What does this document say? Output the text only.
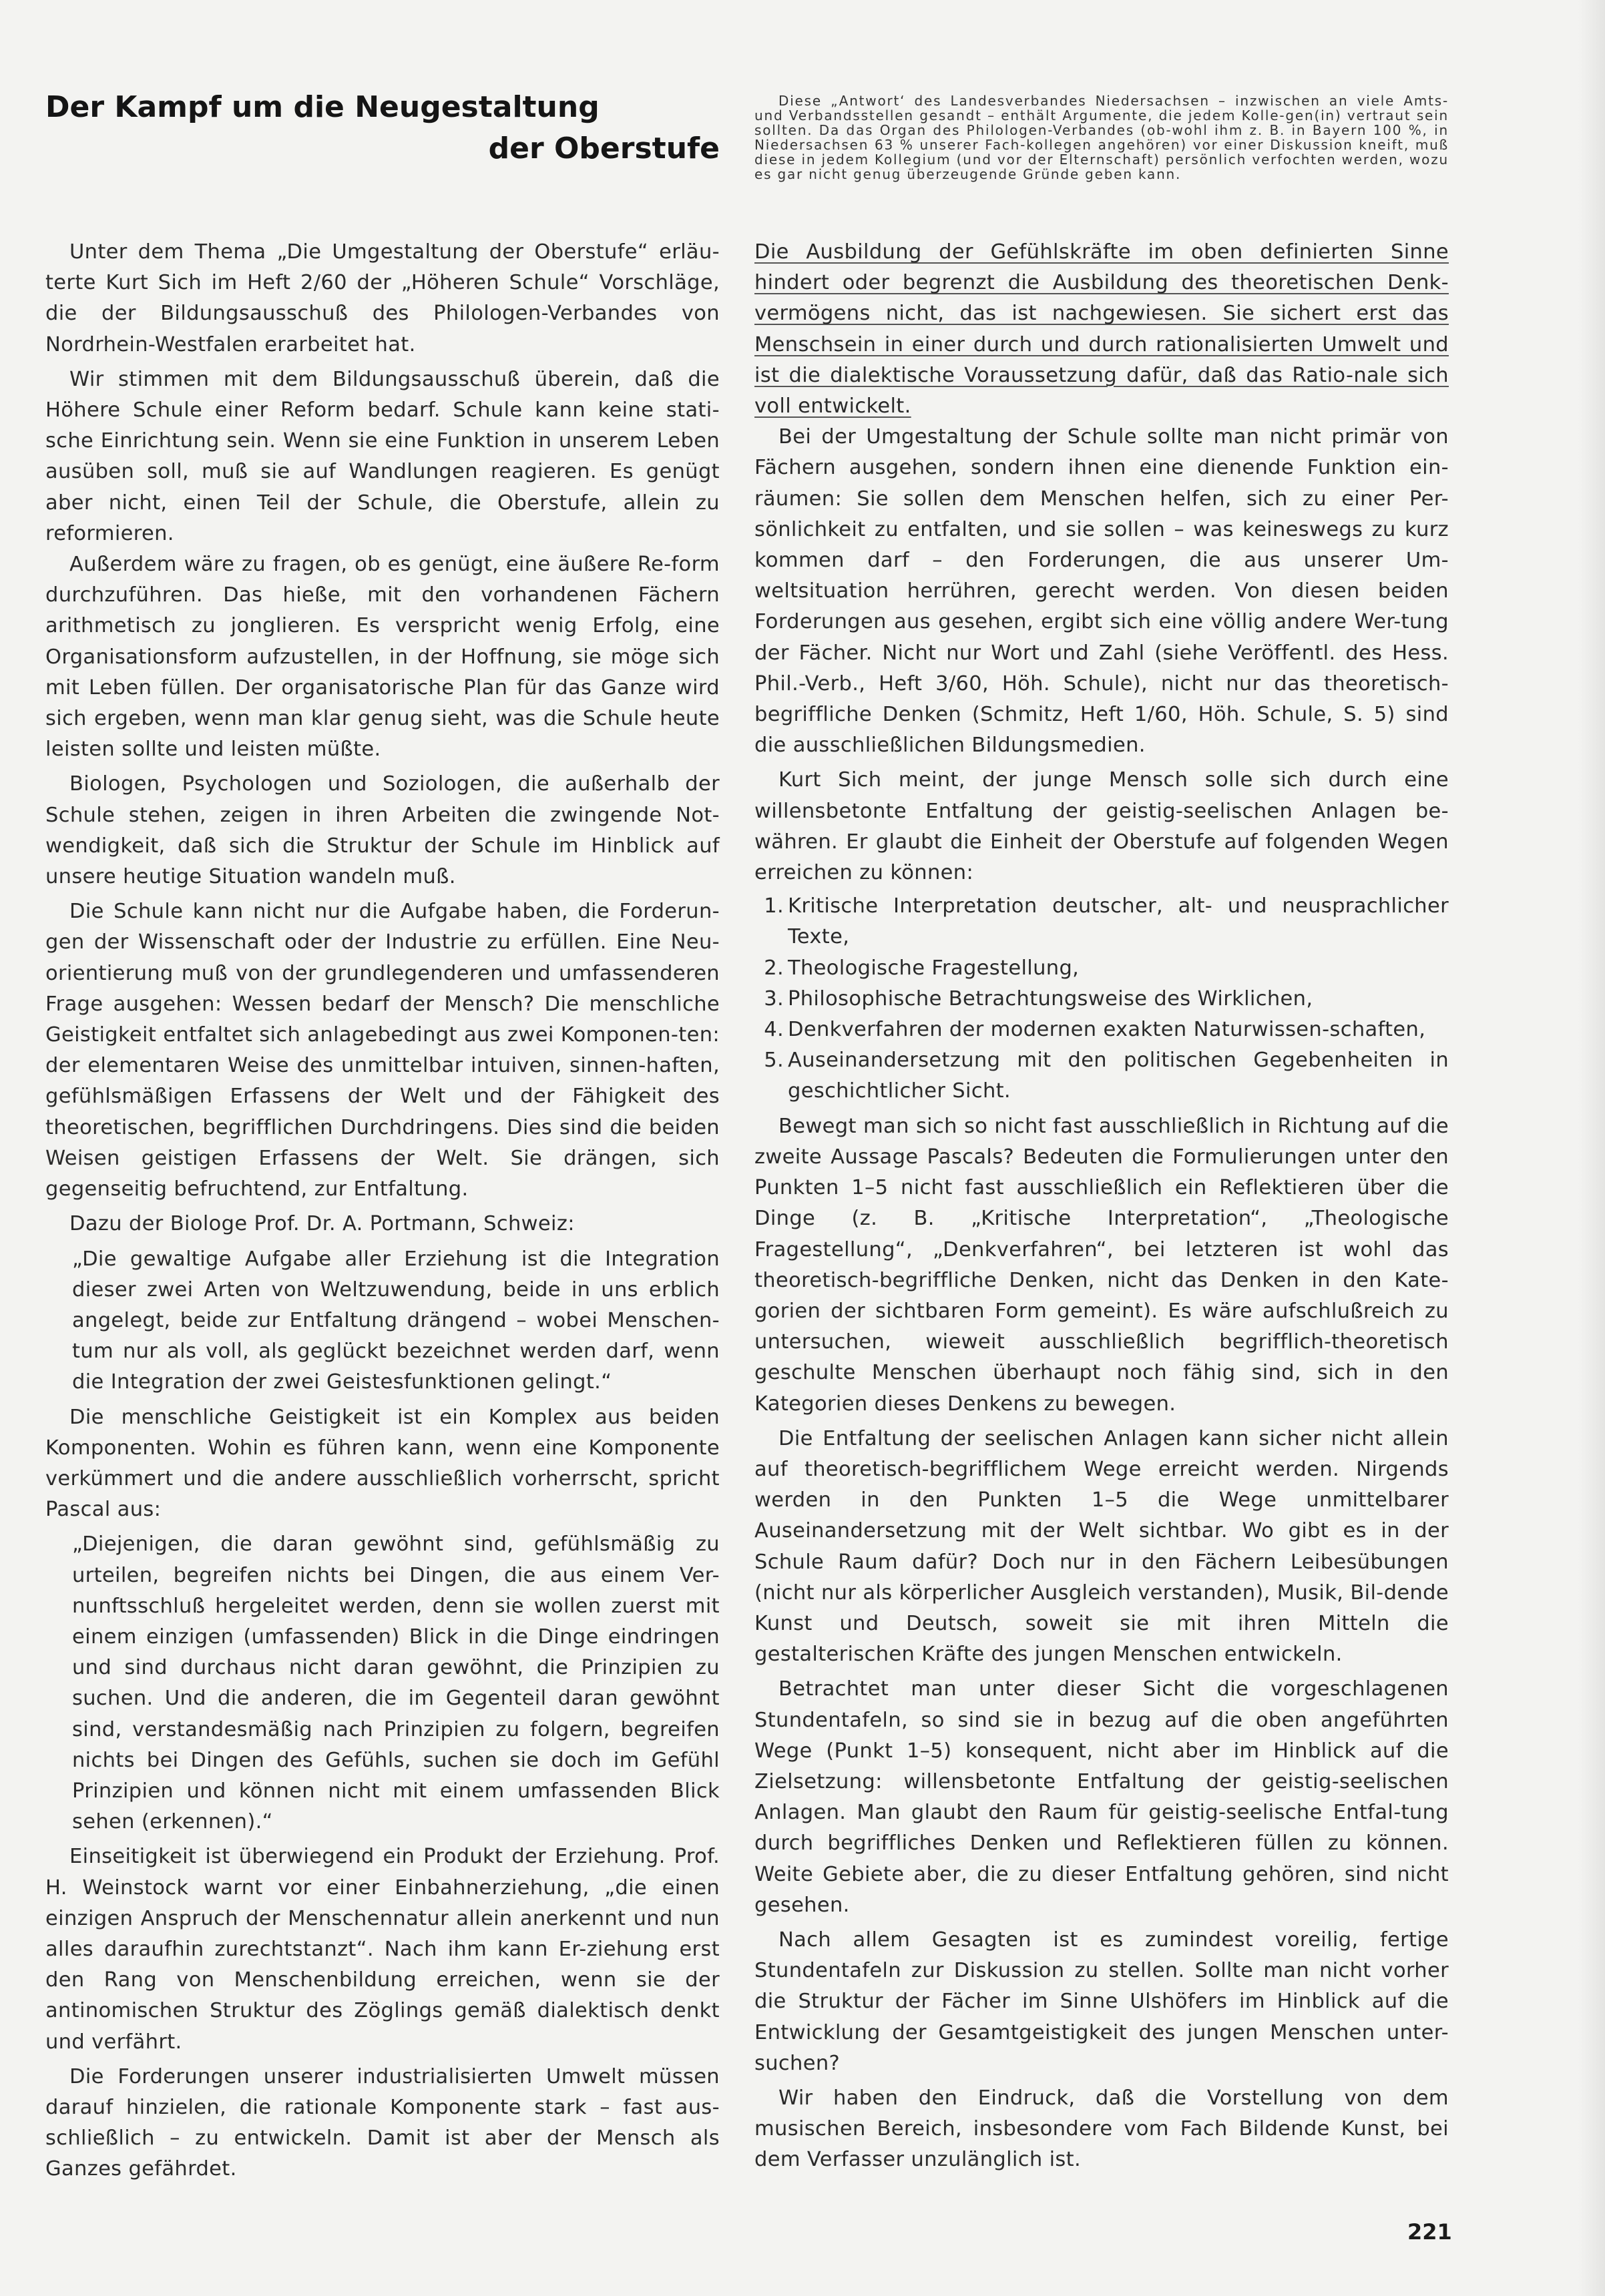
Der Kampf um die Neugestaltung
der Oberstufe

Diese „Antwort‘ des Landesverbandes Niedersachsen – inzwischen an viele Amts- und Verbandsstellen gesandt – enthält Argumente, die jedem Kolle-gen(in) vertraut sein sollten. Da das Organ des Philologen-Verbandes (ob-wohl ihm z. B. in Bayern 100 %, in Niedersachsen 63 % unserer Fach-kollegen angehören) vor einer Diskussion kneift, muß diese in jedem Kollegium (und vor der Elternschaft) persönlich verfochten werden, wozu es gar nicht genug überzeugende Gründe geben kann.

Unter dem Thema „Die Umgestaltung der Oberstufe“ erläu-terte Kurt Sich im Heft 2/60 der „Höheren Schule“ Vorschläge, die der Bildungsausschuß des Philologen-Verbandes von Nordrhein-Westfalen erarbeitet hat.

Wir stimmen mit dem Bildungsausschuß überein, daß die Höhere Schule einer Reform bedarf. Schule kann keine stati-sche Einrichtung sein. Wenn sie eine Funktion in unserem Leben ausüben soll, muß sie auf Wandlungen reagieren. Es genügt aber nicht, einen Teil der Schule, die Oberstufe, allein zu reformieren.

Außerdem wäre zu fragen, ob es genügt, eine äußere Re-form durchzuführen. Das hieße, mit den vorhandenen Fächern arithmetisch zu jonglieren. Es verspricht wenig Erfolg, eine Organisationsform aufzustellen, in der Hoffnung, sie möge sich mit Leben füllen. Der organisatorische Plan für das Ganze wird sich ergeben, wenn man klar genug sieht, was die Schule heute leisten sollte und leisten müßte.

Biologen, Psychologen und Soziologen, die außerhalb der Schule stehen, zeigen in ihren Arbeiten die zwingende Not-wendigkeit, daß sich die Struktur der Schule im Hinblick auf unsere heutige Situation wandeln muß.

Die Schule kann nicht nur die Aufgabe haben, die Forderun-gen der Wissenschaft oder der Industrie zu erfüllen. Eine Neu-orientierung muß von der grundlegenderen und umfassenderen Frage ausgehen: Wessen bedarf der Mensch? Die menschliche Geistigkeit entfaltet sich anlagebedingt aus zwei Komponen-ten: der elementaren Weise des unmittelbar intuiven, sinnen-haften, gefühlsmäßigen Erfassens der Welt und der Fähigkeit des theoretischen, begrifflichen Durchdringens. Dies sind die beiden Weisen geistigen Erfassens der Welt. Sie drängen, sich gegenseitig befruchtend, zur Entfaltung.

Dazu der Biologe Prof. Dr. A. Portmann, Schweiz:

„Die gewaltige Aufgabe aller Erziehung ist die Integration dieser zwei Arten von Weltzuwendung, beide in uns erblich angelegt, beide zur Entfaltung drängend – wobei Menschen-tum nur als voll, als geglückt bezeichnet werden darf, wenn die Integration der zwei Geistesfunktionen gelingt.“

Die menschliche Geistigkeit ist ein Komplex aus beiden Komponenten. Wohin es führen kann, wenn eine Komponente verkümmert und die andere ausschließlich vorherrscht, spricht Pascal aus:

„Diejenigen, die daran gewöhnt sind, gefühlsmäßig zu urteilen, begreifen nichts bei Dingen, die aus einem Ver-nunftsschluß hergeleitet werden, denn sie wollen zuerst mit einem einzigen (umfassenden) Blick in die Dinge eindringen und sind durchaus nicht daran gewöhnt, die Prinzipien zu suchen. Und die anderen, die im Gegenteil daran gewöhnt sind, verstandesmäßig nach Prinzipien zu folgern, begreifen nichts bei Dingen des Gefühls, suchen sie doch im Gefühl Prinzipien und können nicht mit einem umfassenden Blick sehen (erkennen).“

Einseitigkeit ist überwiegend ein Produkt der Erziehung. Prof. H. Weinstock warnt vor einer Einbahnerziehung, „die einen einzigen Anspruch der Menschennatur allein anerkennt und nun alles daraufhin zurechtstanzt“. Nach ihm kann Er-ziehung erst den Rang von Menschenbildung erreichen, wenn sie der antinomischen Struktur des Zöglings gemäß dialektisch denkt und verfährt.

Die Forderungen unserer industrialisierten Umwelt müssen darauf hinzielen, die rationale Komponente stark – fast aus-schließlich – zu entwickeln. Damit ist aber der Mensch als Ganzes gefährdet.

Die Ausbildung der Gefühlskräfte im oben definierten Sinne hindert oder begrenzt die Ausbildung des theoretischen Denk-vermögens nicht, das ist nachgewiesen. Sie sichert erst das Menschsein in einer durch und durch rationalisierten Umwelt und ist die dialektische Voraussetzung dafür, daß das Ratio-nale sich voll entwickelt.

Bei der Umgestaltung der Schule sollte man nicht primär von Fächern ausgehen, sondern ihnen eine dienende Funktion ein-räumen: Sie sollen dem Menschen helfen, sich zu einer Per-sönlichkeit zu entfalten, und sie sollen – was keineswegs zu kurz kommen darf – den Forderungen, die aus unserer Um-weltsituation herrühren, gerecht werden. Von diesen beiden Forderungen aus gesehen, ergibt sich eine völlig andere Wer-tung der Fächer. Nicht nur Wort und Zahl (siehe Veröffentl. des Hess. Phil.-Verb., Heft 3/60, Höh. Schule), nicht nur das theoretisch-begriffliche Denken (Schmitz, Heft 1/60, Höh. Schule, S. 5) sind die ausschließlichen Bildungsmedien.

Kurt Sich meint, der junge Mensch solle sich durch eine willensbetonte Entfaltung der geistig-seelischen Anlagen be-währen. Er glaubt die Einheit der Oberstufe auf folgenden Wegen erreichen zu können:

1. Kritische Interpretation deutscher, alt- und neusprachlicher Texte,
2. Theologische Fragestellung,
3. Philosophische Betrachtungsweise des Wirklichen,
4. Denkverfahren der modernen exakten Naturwissen-schaften,
5. Auseinandersetzung mit den politischen Gegebenheiten in geschichtlicher Sicht.

Bewegt man sich so nicht fast ausschließlich in Richtung auf die zweite Aussage Pascals? Bedeuten die Formulierungen unter den Punkten 1–5 nicht fast ausschließlich ein Reflektieren über die Dinge (z. B. „Kritische Interpretation“, „Theologische Fragestellung“, „Denkverfahren“, bei letzteren ist wohl das theoretisch-begriffliche Denken, nicht das Denken in den Kate-gorien der sichtbaren Form gemeint). Es wäre aufschlußreich zu untersuchen, wieweit ausschließlich begrifflich-theoretisch geschulte Menschen überhaupt noch fähig sind, sich in den Kategorien dieses Denkens zu bewegen.

Die Entfaltung der seelischen Anlagen kann sicher nicht allein auf theoretisch-begrifflichem Wege erreicht werden. Nirgends werden in den Punkten 1–5 die Wege unmittelbarer Auseinandersetzung mit der Welt sichtbar. Wo gibt es in der Schule Raum dafür? Doch nur in den Fächern Leibesübungen (nicht nur als körperlicher Ausgleich verstanden), Musik, Bil-dende Kunst und Deutsch, soweit sie mit ihren Mitteln die gestalterischen Kräfte des jungen Menschen entwickeln.

Betrachtet man unter dieser Sicht die vorgeschlagenen Stundentafeln, so sind sie in bezug auf die oben angeführten Wege (Punkt 1–5) konsequent, nicht aber im Hinblick auf die Zielsetzung: willensbetonte Entfaltung der geistig-seelischen Anlagen. Man glaubt den Raum für geistig-seelische Entfal-tung durch begriffliches Denken und Reflektieren füllen zu können. Weite Gebiete aber, die zu dieser Entfaltung gehören, sind nicht gesehen.

Nach allem Gesagten ist es zumindest voreilig, fertige Stundentafeln zur Diskussion zu stellen. Sollte man nicht vorher die Struktur der Fächer im Sinne Ulshöfers im Hinblick auf die Entwicklung der Gesamtgeistigkeit des jungen Menschen unter-suchen?

Wir haben den Eindruck, daß die Vorstellung von dem musischen Bereich, insbesondere vom Fach Bildende Kunst, bei dem Verfasser unzulänglich ist.

221
